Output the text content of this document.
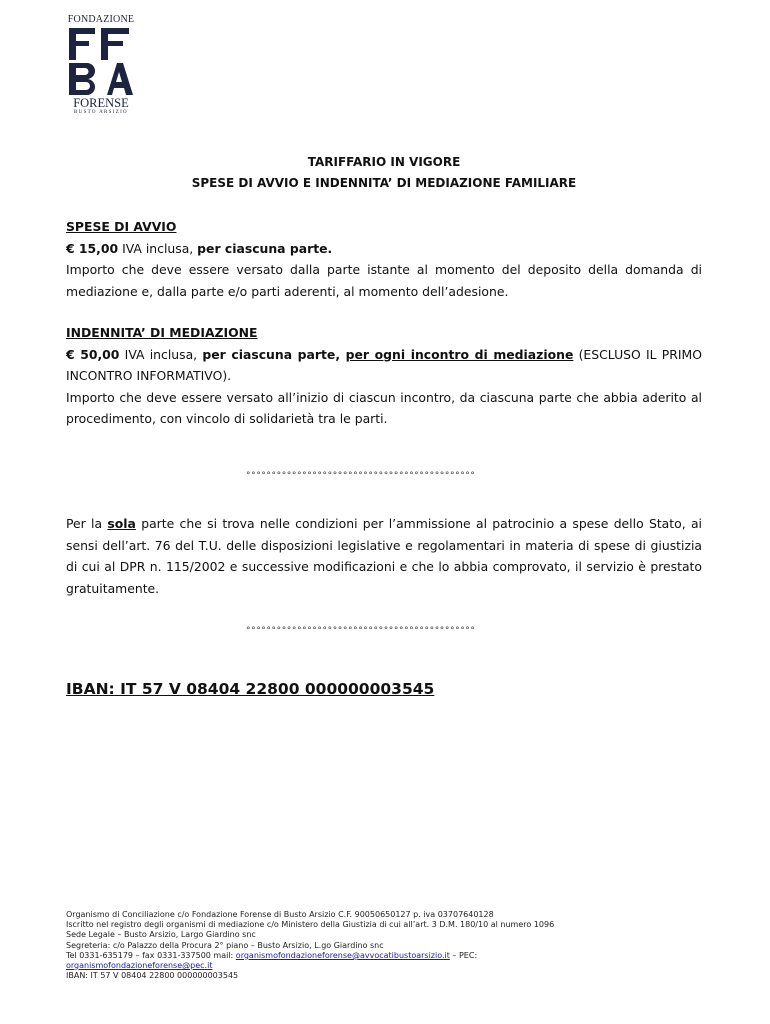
FONDAZIONE
FORENSE
BUSTO ARSIZIO
TARIFFARIO IN VIGORE
SPESE DI AVVIO E INDENNITA’ DI MEDIAZIONE FAMILIARE
SPESE DI AVVIO
€ 15,00 IVA inclusa, per ciascuna parte.
Importo che deve essere versato dalla parte istante al momento del deposito della domanda di mediazione e, dalla parte e/o parti aderenti, al momento dell’adesione.
INDENNITA’ DI MEDIAZIONE
€ 50,00 IVA inclusa, per ciascuna parte, per ogni incontro di mediazione (ESCLUSO IL PRIMO INCONTRO INFORMATIVO).
Importo che deve essere versato all’inizio di ciascun incontro, da ciascuna parte che abbia aderito al procedimento, con vincolo di solidarietà tra le parti.
°°°°°°°°°°°°°°°°°°°°°°°°°°°°°°°°°°°°°°°°°°°°°
Per la sola parte che si trova nelle condizioni per l’ammissione al patrocinio a spese dello Stato, ai sensi dell’art. 76 del T.U. delle disposizioni legislative e regolamentari in materia di spese di giustizia di cui al DPR n. 115/2002 e successive modificazioni e che lo abbia comprovato, il servizio è prestato gratuitamente.
°°°°°°°°°°°°°°°°°°°°°°°°°°°°°°°°°°°°°°°°°°°°°
IBAN: IT 57 V 08404 22800 000000003545
Organismo di Conciliazione c/o Fondazione Forense di Busto Arsizio C.F. 90050650127 p. iva 03707640128
Iscritto nel registro degli organismi di mediazione c/o Ministero della Giustizia di cui all’art. 3 D.M. 180/10 al numero 1096
Sede Legale – Busto Arsizio, Largo Giardino snc
Segreteria: c/o Palazzo della Procura 2° piano – Busto Arsizio, L.go Giardino snc
Tel 0331-635179 – fax 0331-337500 mail: organismofondazioneforense@avvocatibustoarsizio.it – PEC:
organismofondazioneforense@pec.it
IBAN: IT 57 V 08404 22800 000000003545
